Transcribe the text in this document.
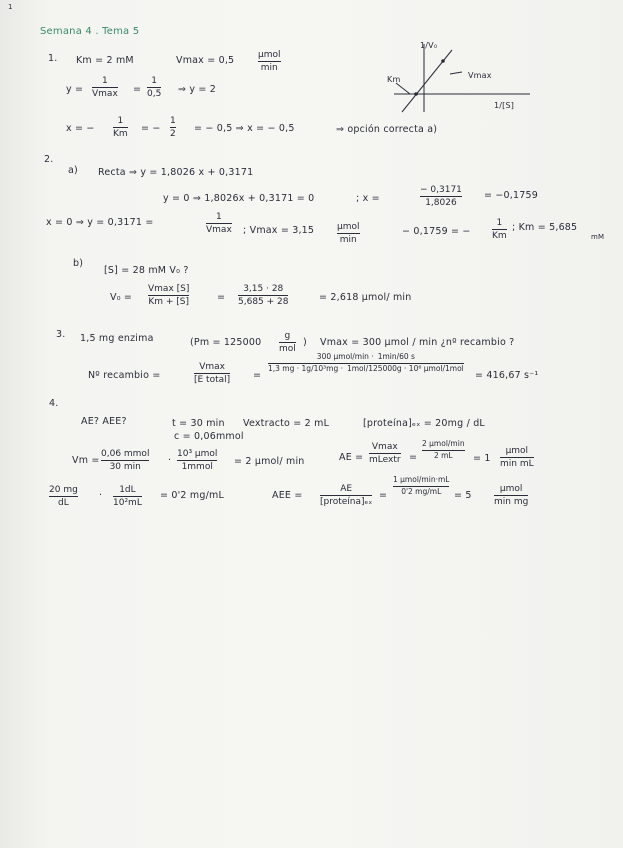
1
Semana 4 . Tema 5
1. Km = 2 mM	Vmax = 0,5	µmol
min
y =
1
Vmax =
1
0,5 ⇒ y = 2
x = −
1
Km = −
1
2 = − 0,5 ⇒ x = − 0,5	⇒ opción correcta a)
1/V₀
Km	Vmax
1/[S]
2.
a) Recta ⇒ y = 1,8026 x + 0,3171
y = 0 ⇒ 1,8026x + 0,3171 = 0	; x =
− 0,3171
1,8026
= −0,1759
x = 0 ⇒ y = 0,3171 =	1
Vmax ; Vmax = 3,15	µmol
min
− 0,1759 = −
1
Km
; Km = 5,685
mM
b)
[S] = 28 mM V₀ ?
V₀ =
Vmax [S]
Km + [S]	=
3,15 · 28
5,685 + 28	= 2,618 µmol/ min
3. 1,5 mg enzima	(Pm = 125000
g
mol
) Vmax = 300 µmol / min ¿nº recambio ?
Nº recambio =
Vmax
[E total] =
300 µmol/min · 1min/60 s
1,3 mg · 1g/10³mg · 1mol/125000g · 10⁶ µmol/1mol
= 416,67 s⁻¹
4.
AE? AEE?	t = 30 min
c = 0,06mmol
Vextracto = 2 mL	[proteína]ₑₓ = 20mg / dL
Vm =
0,06 mmol
30 min
·
10³ µmol
1mmol = 2 µmol/ min	AE =
Vmax
mLextr =
2 µmol/min
2 mL = 1
µmol
min mL
20 mg
dL
· 1dL
10²mL
= 0'2 mg/mL	AEE =
AE
[proteína]ₑₓ
=
1 µmol/min·mL
0'2 mg/mL = 5
µmol
min mg
